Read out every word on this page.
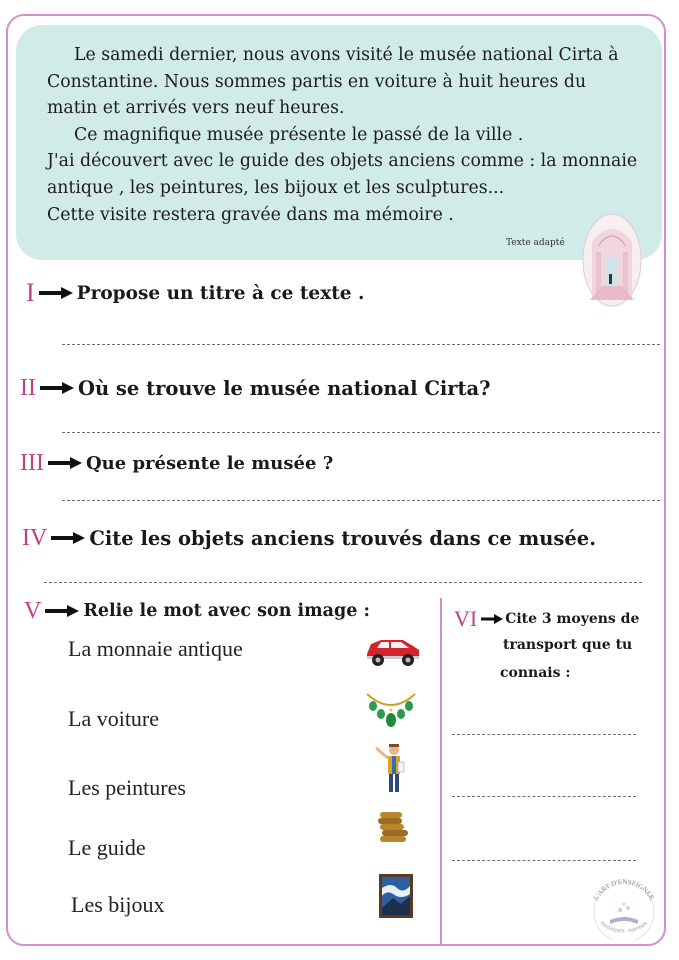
Le samedi dernier, nous avons visité le musée national Cirta à
Constantine. Nous sommes partis en voiture à huit heures du
matin et arrivés vers neuf heures.
Ce magnifique musée présente le passé de la ville .
J'ai découvert avec le guide des objets anciens comme : la monnaie
antique , les peintures, les bijoux et les sculptures...
Cette visite restera gravée dans ma mémoire .
Texte adapté
I Propose un titre à ce texte .
II Où se trouve le musée national Cirta?
III Que présente le musée ?
IV Cite les objets anciens trouvés dans ce musée.
V Relie le mot avec son image :
La monnaie antique
La voiture
Les peintures
Le guide
Les bijoux
VI Cite 3 moyens de
transport que tu
connais :
L'ART D'ENSEIGNER
ENSEIGNER · INSPIRER
